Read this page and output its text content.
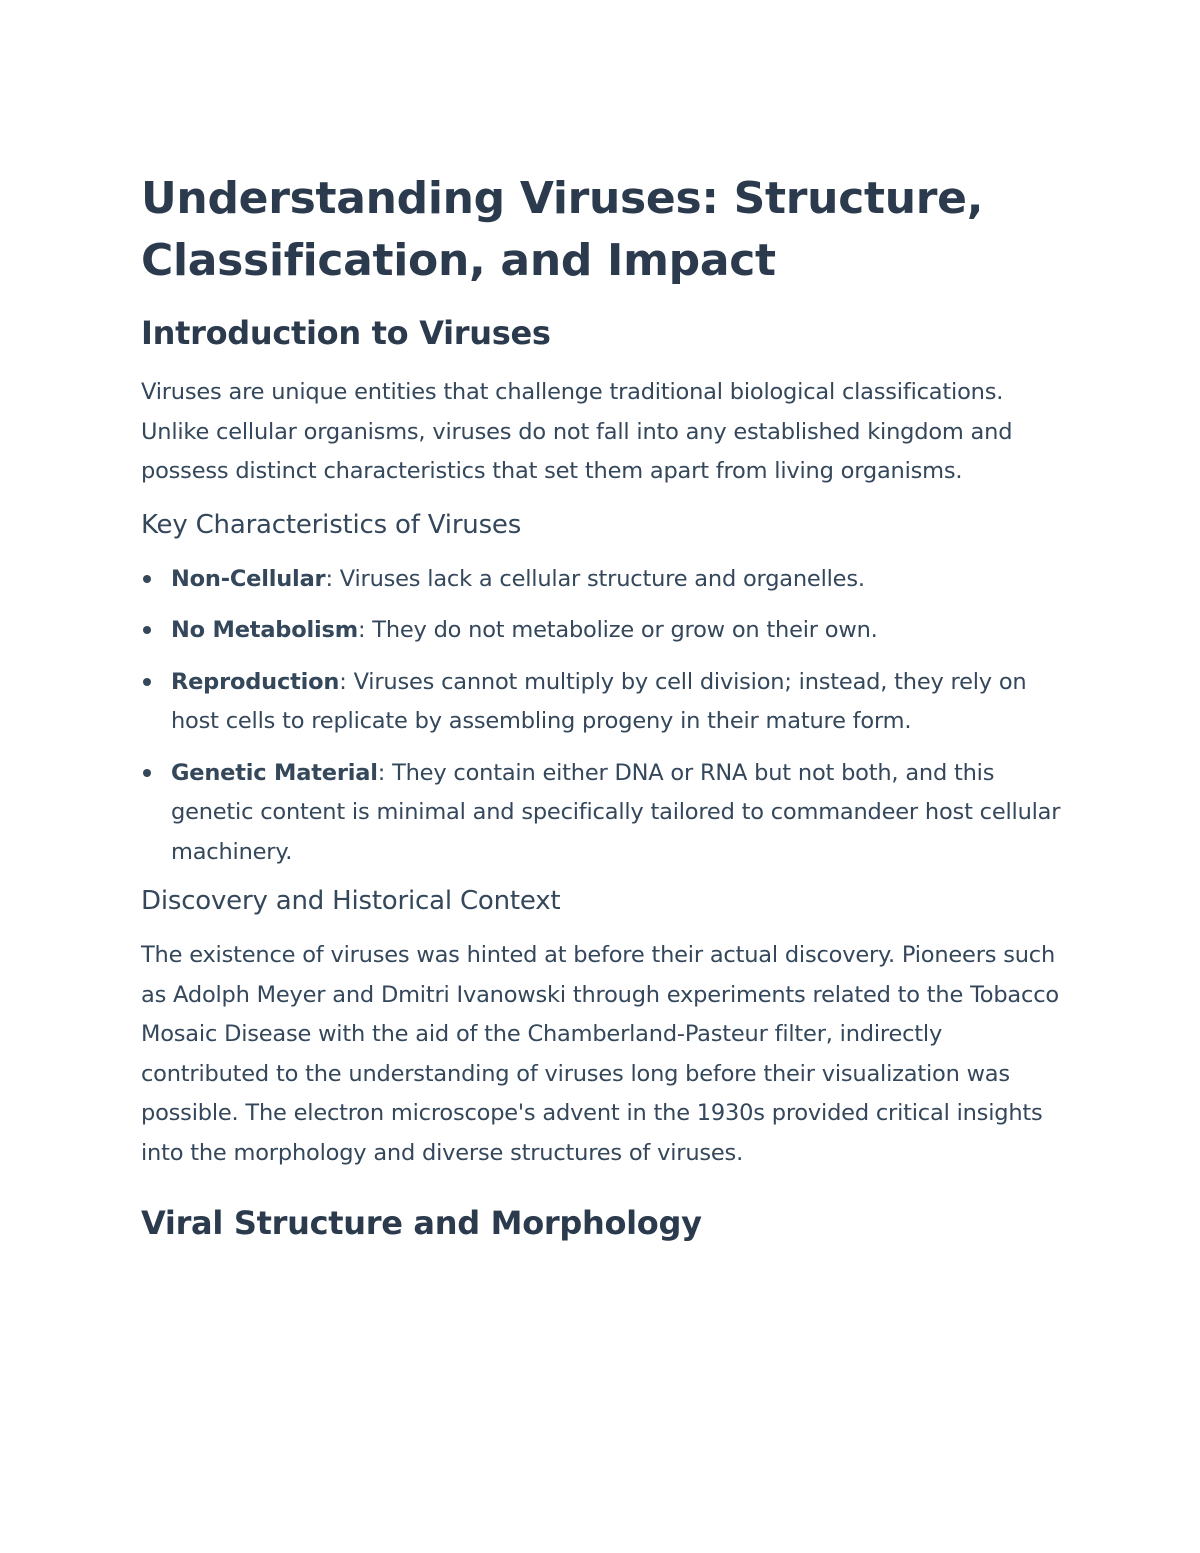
Understanding Viruses: Structure, Classification, and Impact
Introduction to Viruses

Viruses are unique entities that challenge traditional biological classifications. Unlike cellular organisms, viruses do not fall into any established kingdom and possess distinct characteristics that set them apart from living organisms.

Key Characteristics of Viruses
Non-Cellular: Viruses lack a cellular structure and organelles.
No Metabolism: They do not metabolize or grow on their own.
Reproduction: Viruses cannot multiply by cell division; instead, they rely on host cells to replicate by assembling progeny in their mature form.
Genetic Material: They contain either DNA or RNA but not both, and this genetic content is minimal and specifically tailored to commandeer host cellular machinery.
Discovery and Historical Context

The existence of viruses was hinted at before their actual discovery. Pioneers such as Adolph Meyer and Dmitri Ivanowski through experiments related to the Tobacco Mosaic Disease with the aid of the Chamberland-Pasteur filter, indirectly contributed to the understanding of viruses long before their visualization was possible. The electron microscope's advent in the 1930s provided critical insights into the morphology and diverse structures of viruses.

Viral Structure and Morphology
